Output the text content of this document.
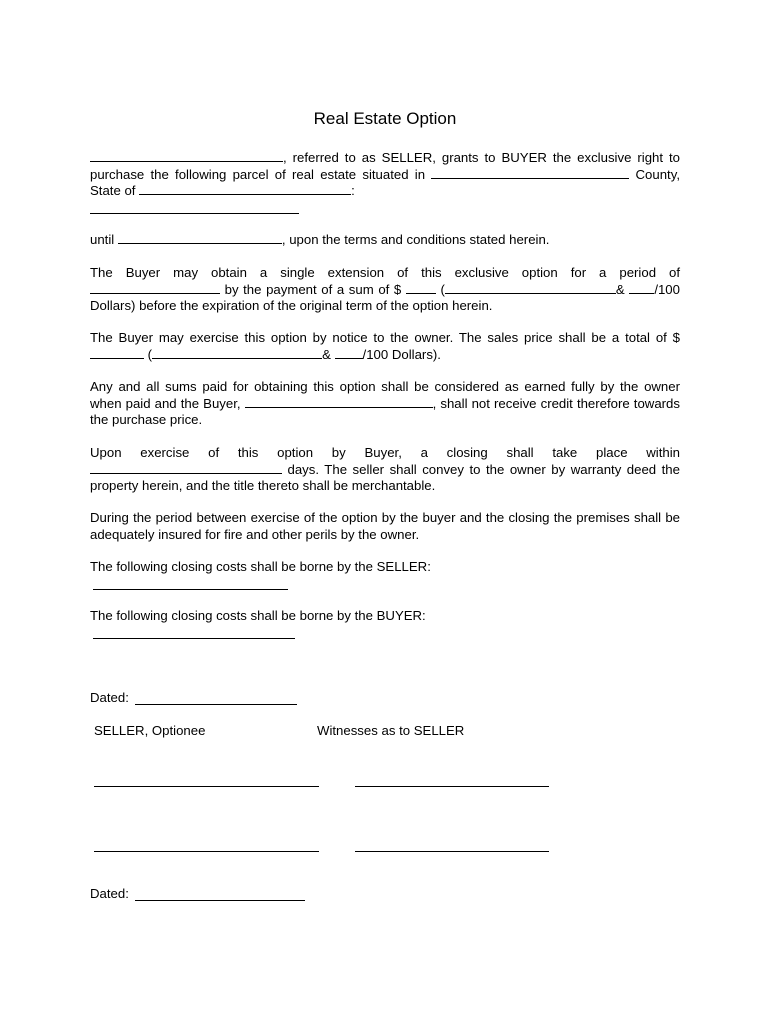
Real Estate Option

, referred to as SELLER, grants to BUYER the exclusive right to purchase the following parcel of real estate situated in	County, State of	:

until	, upon the terms and conditions stated herein.

The Buyer may obtain a single extension of this exclusive option for a period of  by the payment of a sum of $	(	& /100 Dollars) before the expiration of the original term of the option herein.

The Buyer may exercise this option by notice to the owner. The sales price shall be a total of $ (	& /100 Dollars).

Any and all sums paid for obtaining this option shall be considered as earned fully by the owner when paid and the Buyer,	, shall not receive credit therefore towards the purchase price.

Upon exercise of this option by Buyer, a closing shall take place within  days. The seller shall convey to the owner by warranty deed the property herein, and the title thereto shall be merchantable.

During the period between exercise of the option by the buyer and the closing the premises shall be adequately insured for fire and other perils by the owner.

The following closing costs shall be borne by the SELLER:

The following closing costs shall be borne by the BUYER:

Dated:
SELLER, Optionee	Witnesses as to SELLER
Dated:
